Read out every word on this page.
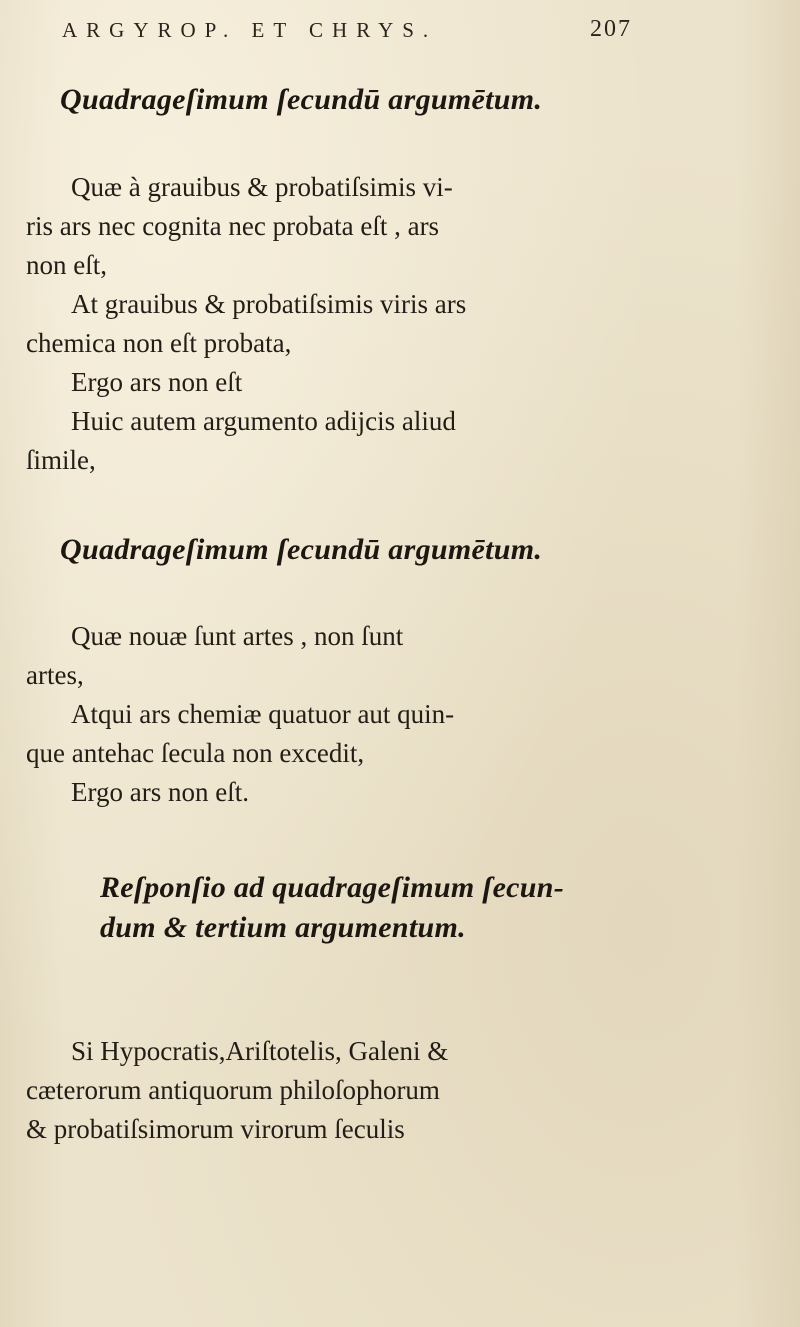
ARGYROP. ET CHRYS.	207
Quadrageſimum ſecundū argumētum.
Quæ à grauibus & probatiſsimis vi-
ris ars nec cognita nec probata eſt , ars
non eſt,
At grauibus & probatiſsimis viris ars
chemica non eſt probata,
Ergo ars non eſt
Huic autem argumento adijcis aliud
ſimile,
Quadrageſimum ſecundū argumētum.
Quæ nouæ ſunt artes , non ſunt
artes,
Atqui ars chemiæ quatuor aut quin-
que antehac ſecula non excedit,
Ergo ars non eſt.
Reſponſio ad quadrageſimum ſecun-
dum & tertium argumentum.
Si Hypocratis,Ariſtotelis, Galeni &
cæterorum antiquorum philoſophorum
& probatiſsimorum virorum ſeculis
